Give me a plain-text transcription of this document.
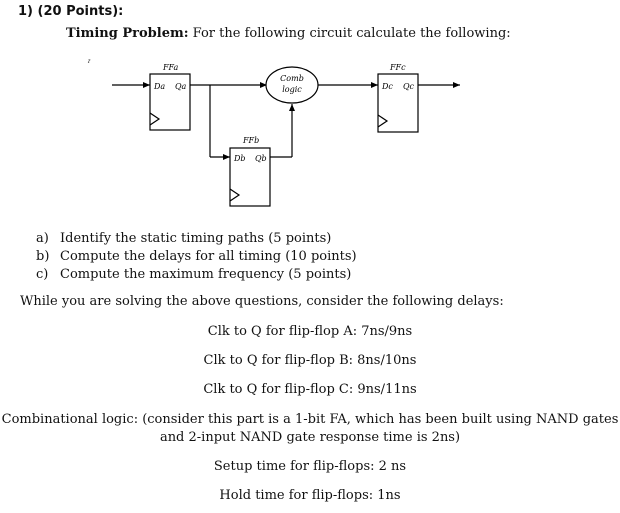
1) (20 Points):
Timing Problem: For the following circuit calculate the following:
ˀ	FFa
Da Qa
Comb
logic
FFb
Db Qb
FFc
Dc Qc
a) Identify the static timing paths (5 points)
b) Compute the delays for all timing (10 points)
c) Compute the maximum frequency (5 points)
While you are solving the above questions, consider the following delays:
Clk to Q for flip-flop A: 7ns/9ns
Clk to Q for flip-flop B: 8ns/10ns
Clk to Q for flip-flop C: 9ns/11ns
Combinational logic: (consider this part is a 1-bit FA, which has been built using NAND gates and 2-input NAND gate response time is 2ns)
Setup time for flip-flops: 2 ns
Hold time for flip-flops: 1ns
